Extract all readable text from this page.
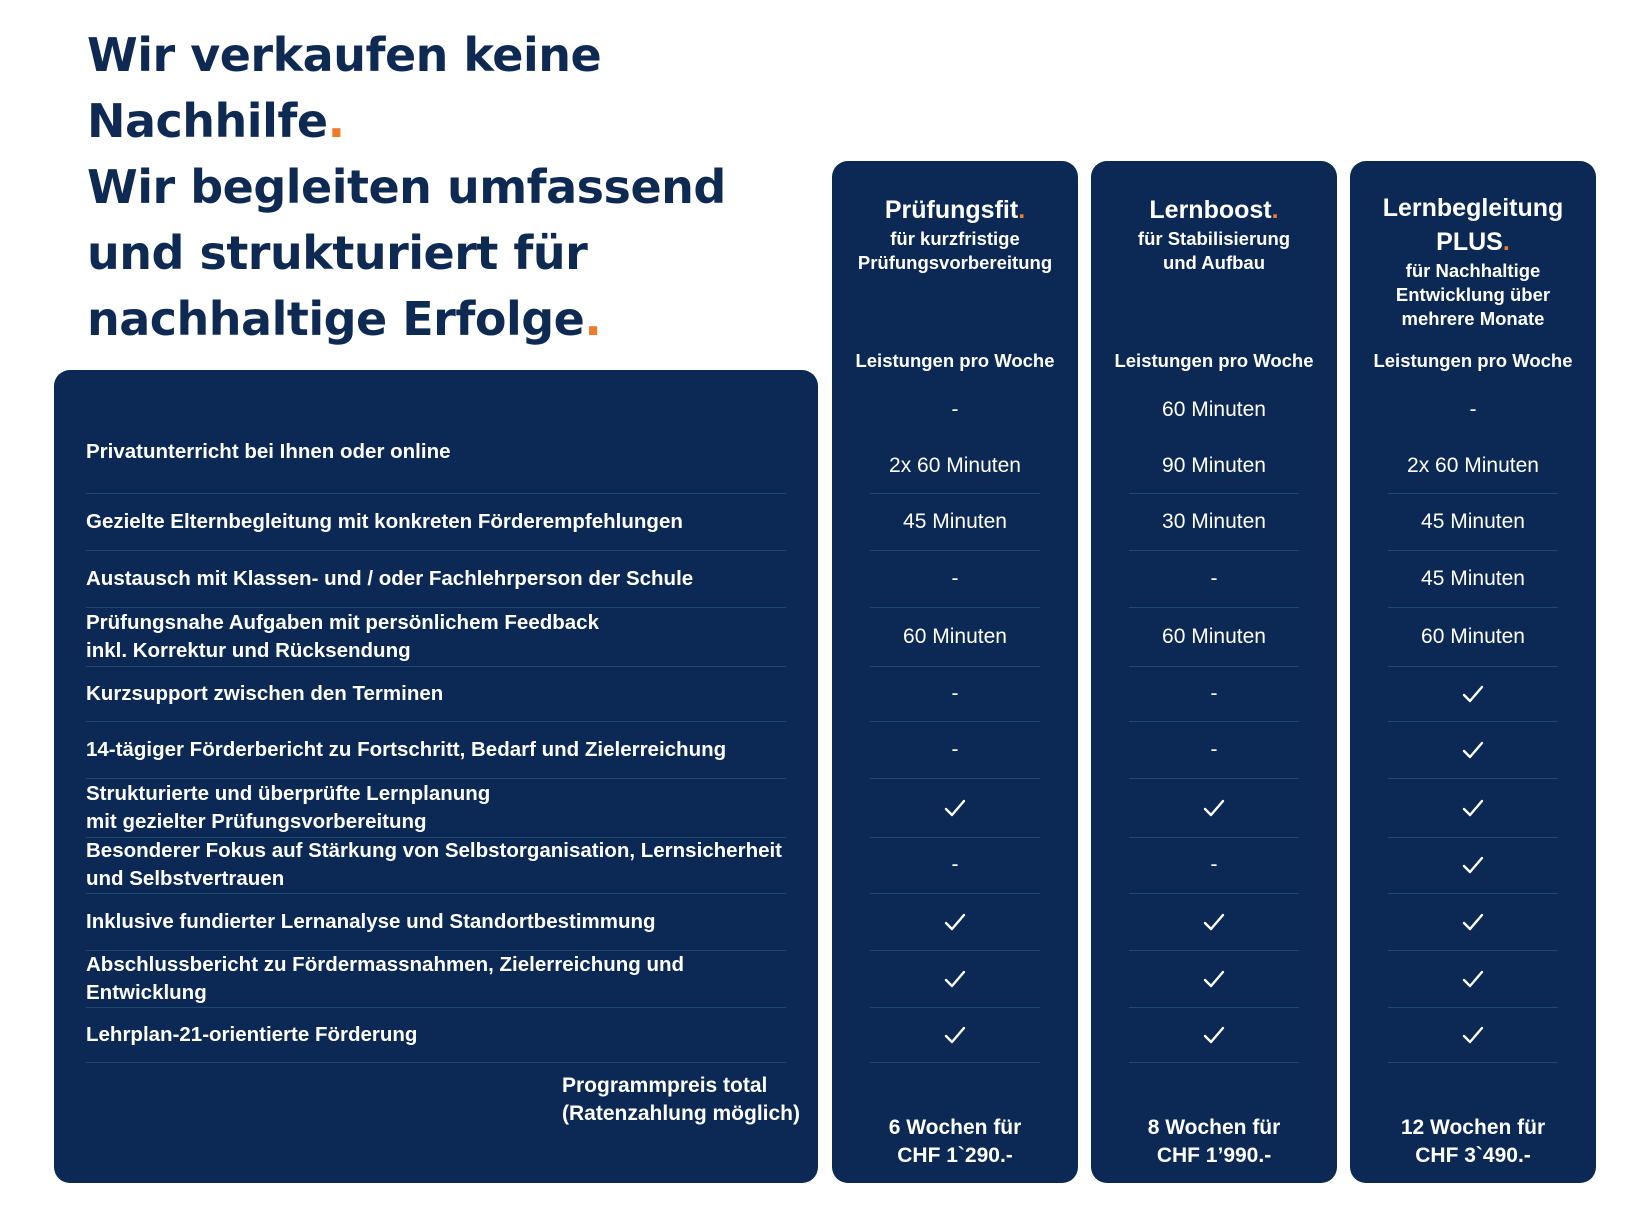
Wir verkaufen keine
Nachhilfe.
Wir begleiten umfassend
und strukturiert für
nachhaltige Erfolge.
Privatunterricht bei Ihnen oder online
Gezielte Elternbegleitung mit konkreten Förderempfehlungen
Austausch mit Klassen- und / oder Fachlehrperson der Schule
Prüfungsnahe Aufgaben mit persönlichem Feedback
inkl. Korrektur und Rücksendung
Kurzsupport zwischen den Terminen
14-tägiger Förderbericht zu Fortschritt, Bedarf und Zielerreichung
Strukturierte und überprüfte Lernplanung
mit gezielter Prüfungsvorbereitung
Besonderer Fokus auf Stärkung von Selbstorganisation, Lernsicherheit
und Selbstvertrauen
Inklusive fundierter Lernanalyse und Standortbestimmung
Abschlussbericht zu Fördermassnahmen, Zielerreichung und
Entwicklung
Lehrplan-21-orientierte Förderung
Programmpreis total
(Ratenzahlung möglich)
Prüfungsfit.
für kurzfristige
Prüfungsvorbereitung
Leistungen pro Woche
-
2x 60 Minuten
45 Minuten
-
60 Minuten
-
-
-
6 Wochen für
CHF 1`290.-
Lernboost.
für Stabilisierung
und Aufbau
Leistungen pro Woche
60 Minuten
90 Minuten
30 Minuten
-
60 Minuten
-
-
-
8 Wochen für
CHF 1’990.-
Lernbegleitung
PLUS.
für Nachhaltige
Entwicklung über
mehrere Monate
Leistungen pro Woche
-
2x 60 Minuten
45 Minuten
45 Minuten
60 Minuten
12 Wochen für
CHF 3`490.-
